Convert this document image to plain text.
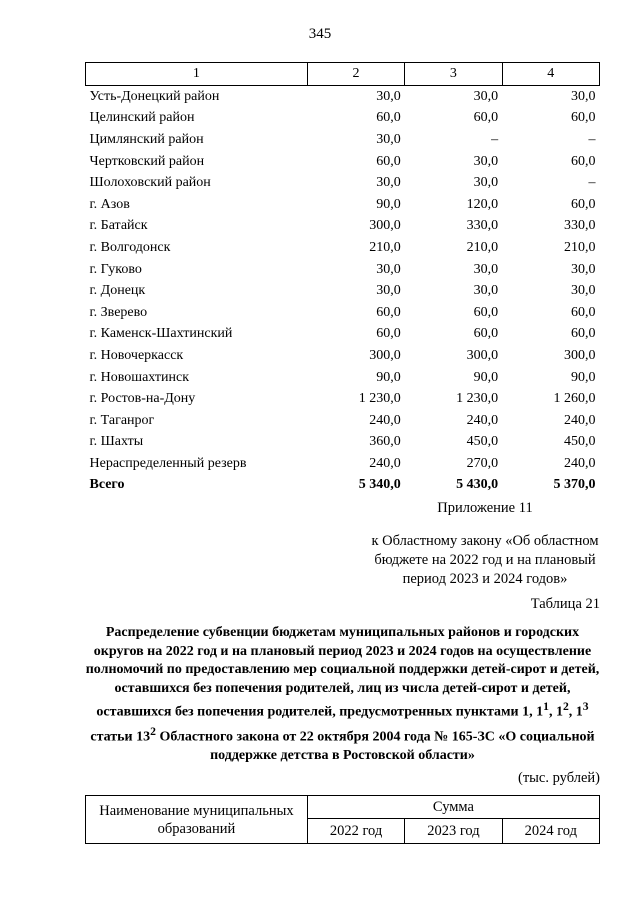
345
1	2	3	4
Усть-Донецкий район	30,0	30,0	30,0
Целинский район	60,0	60,0	60,0
Цимлянский район	30,0	–	–
Чертковский район	60,0	30,0	60,0
Шолоховский район	30,0	30,0	–
г. Азов	90,0	120,0	60,0
г. Батайск	300,0	330,0	330,0
г. Волгодонск	210,0	210,0	210,0
г. Гуково	30,0	30,0	30,0
г. Донецк	30,0	30,0	30,0
г. Зверево	60,0	60,0	60,0
г. Каменск-Шахтинский	60,0	60,0	60,0
г. Новочеркасск	300,0	300,0	300,0
г. Новошахтинск	90,0	90,0	90,0
г. Ростов-на-Дону	1 230,0	1 230,0	1 260,0
г. Таганрог	240,0	240,0	240,0
г. Шахты	360,0	450,0	450,0
Нераспределенный резерв	240,0	270,0	240,0
Всего	5 340,0	5 430,0	5 370,0
Приложение 11
к Областному закону «Об областном бюджете на 2022 год и на плановый период 2023 и 2024 годов»
Таблица 21
Распределение субвенции бюджетам муниципальных районов и городских округов на 2022 год и на плановый период 2023 и 2024 годов на осуществление полномочий по предоставлению мер социальной поддержки детей-сирот и детей, оставшихся без попечения родителей, лиц из числа детей-сирот и детей, оставшихся без попечения родителей, предусмотренных пунктами 1, $1^1$, $1^2$, $1^3$ статьи $13^2$ Областного закона от 22 октября 2004 года № 165-ЗС «О социальной поддержке детства в Ростовской области»
(тыс. рублей)
Наименование муниципальных образований	Сумма		
	2022 год	2023 год	2024 год
